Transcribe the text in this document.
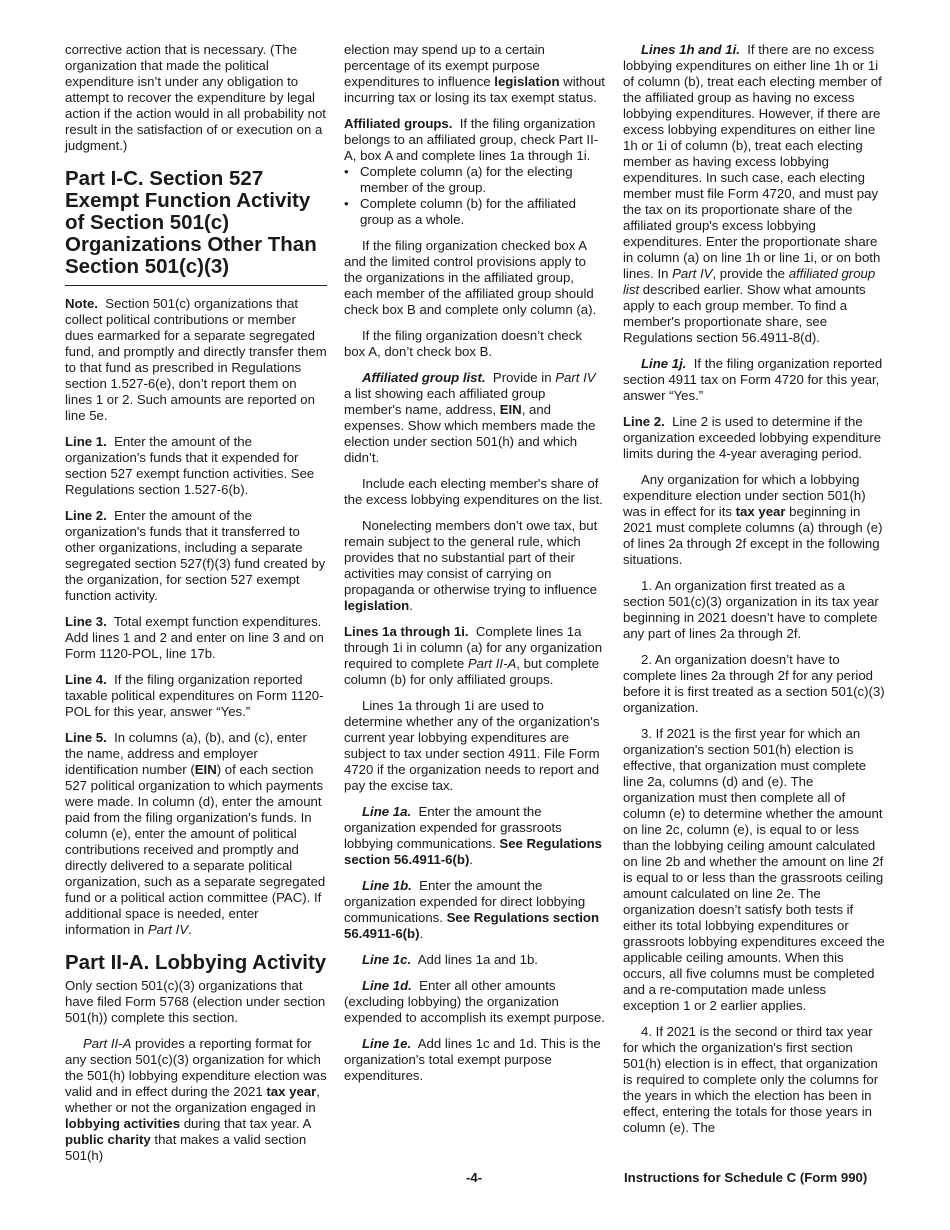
corrective action that is necessary. (The organization that made the political expenditure isn’t under any obligation to attempt to recover the expenditure by legal action if the action would in all probability not result in the satisfaction of or execution on a judgment.)

Part I-C. Section 527 Exempt Function Activity of Section 501(c) Organizations Other Than Section 501(c)(3)

Note. Section 501(c) organizations that collect political contributions or member dues earmarked for a separate segregated fund, and promptly and directly transfer them to that fund as prescribed in Regulations section 1.527-6(e), don’t report them on lines 1 or 2. Such amounts are reported on line 5e.

Line 1. Enter the amount of the organization's funds that it expended for section 527 exempt function activities. See Regulations section 1.527-6(b).

Line 2. Enter the amount of the organization's funds that it transferred to other organizations, including a separate segregated section 527(f)(3) fund created by the organization, for section 527 exempt function activity.

Line 3. Total exempt function expenditures. Add lines 1 and 2 and enter on line 3 and on Form 1120-POL, line 17b.

Line 4. If the filing organization reported taxable political expenditures on Form 1120-POL for this year, answer “Yes.”

Line 5. In columns (a), (b), and (c), enter the name, address and employer identification number (EIN) of each section 527 political organization to which payments were made. In column (d), enter the amount paid from the filing organization's funds. In column (e), enter the amount of political contributions received and promptly and directly delivered to a separate political organization, such as a separate segregated fund or a political action committee (PAC). If additional space is needed, enter information in Part IV.

Part II-A. Lobbying Activity

Only section 501(c)(3) organizations that have filed Form 5768 (election under section 501(h)) complete this section.

Part II-A provides a reporting format for any section 501(c)(3) organization for which the 501(h) lobbying expenditure election was valid and in effect during the 2021 tax year, whether or not the organization engaged in lobbying activities during that tax year. A public charity that makes a valid section 501(h)

election may spend up to a certain percentage of its exempt purpose expenditures to influence legislation without incurring tax or losing its tax exempt status.

Affiliated groups. If the filing organization belongs to an affiliated group, check Part II-A, box A and complete lines 1a through 1i.

• Complete column (a) for the electing member of the group.
• Complete column (b) for the affiliated group as a whole.

If the filing organization checked box A and the limited control provisions apply to the organizations in the affiliated group, each member of the affiliated group should check box B and complete only column (a).

If the filing organization doesn’t check box A, don’t check box B.

Affiliated group list. Provide in Part IV a list showing each affiliated group member's name, address, EIN, and expenses. Show which members made the election under section 501(h) and which didn’t.

Include each electing member's share of the excess lobbying expenditures on the list.

Nonelecting members don’t owe tax, but remain subject to the general rule, which provides that no substantial part of their activities may consist of carrying on propaganda or otherwise trying to influence legislation.

Lines 1a through 1i. Complete lines 1a through 1i in column (a) for any organization required to complete Part II-A, but complete column (b) for only affiliated groups.

Lines 1a through 1i are used to determine whether any of the organization's current year lobbying expenditures are subject to tax under section 4911. File Form 4720 if the organization needs to report and pay the excise tax.

Line 1a. Enter the amount the organization expended for grassroots lobbying communications. See Regulations section 56.4911-6(b).

Line 1b. Enter the amount the organization expended for direct lobbying communications. See Regulations section 56.4911-6(b).

Line 1c. Add lines 1a and 1b.

Line 1d. Enter all other amounts (excluding lobbying) the organization expended to accomplish its exempt purpose.

Line 1e. Add lines 1c and 1d. This is the organization's total exempt purpose expenditures.

Lines 1h and 1i. If there are no excess lobbying expenditures on either line 1h or 1i of column (b), treat each electing member of the affiliated group as having no excess lobbying expenditures. However, if there are excess lobbying expenditures on either line 1h or 1i of column (b), treat each electing member as having excess lobbying expenditures. In such case, each electing member must file Form 4720, and must pay the tax on its proportionate share of the affiliated group's excess lobbying expenditures. Enter the proportionate share in column (a) on line 1h or line 1i, or on both lines. In Part IV, provide the affiliated group list described earlier. Show what amounts apply to each group member. To find a member's proportionate share, see Regulations section 56.4911-8(d).

Line 1j. If the filing organization reported section 4911 tax on Form 4720 for this year, answer “Yes.”

Line 2. Line 2 is used to determine if the organization exceeded lobbying expenditure limits during the 4-year averaging period.

Any organization for which a lobbying expenditure election under section 501(h) was in effect for its tax year beginning in 2021 must complete columns (a) through (e) of lines 2a through 2f except in the following situations.

1. An organization first treated as a section 501(c)(3) organization in its tax year beginning in 2021 doesn’t have to complete any part of lines 2a through 2f.

2. An organization doesn’t have to complete lines 2a through 2f for any period before it is first treated as a section 501(c)(3) organization.

3. If 2021 is the first year for which an organization's section 501(h) election is effective, that organization must complete line 2a, columns (d) and (e). The organization must then complete all of column (e) to determine whether the amount on line 2c, column (e), is equal to or less than the lobbying ceiling amount calculated on line 2b and whether the amount on line 2f is equal to or less than the grassroots ceiling amount calculated on line 2e. The organization doesn’t satisfy both tests if either its total lobbying expenditures or grassroots lobbying expenditures exceed the applicable ceiling amounts. When this occurs, all five columns must be completed and a re-computation made unless exception 1 or 2 earlier applies.

4. If 2021 is the second or third tax year for which the organization's first section 501(h) election is in effect, that organization is required to complete only the columns for the years in which the election has been in effect, entering the totals for those years in column (e). The

-4-	Instructions for Schedule C (Form 990)
